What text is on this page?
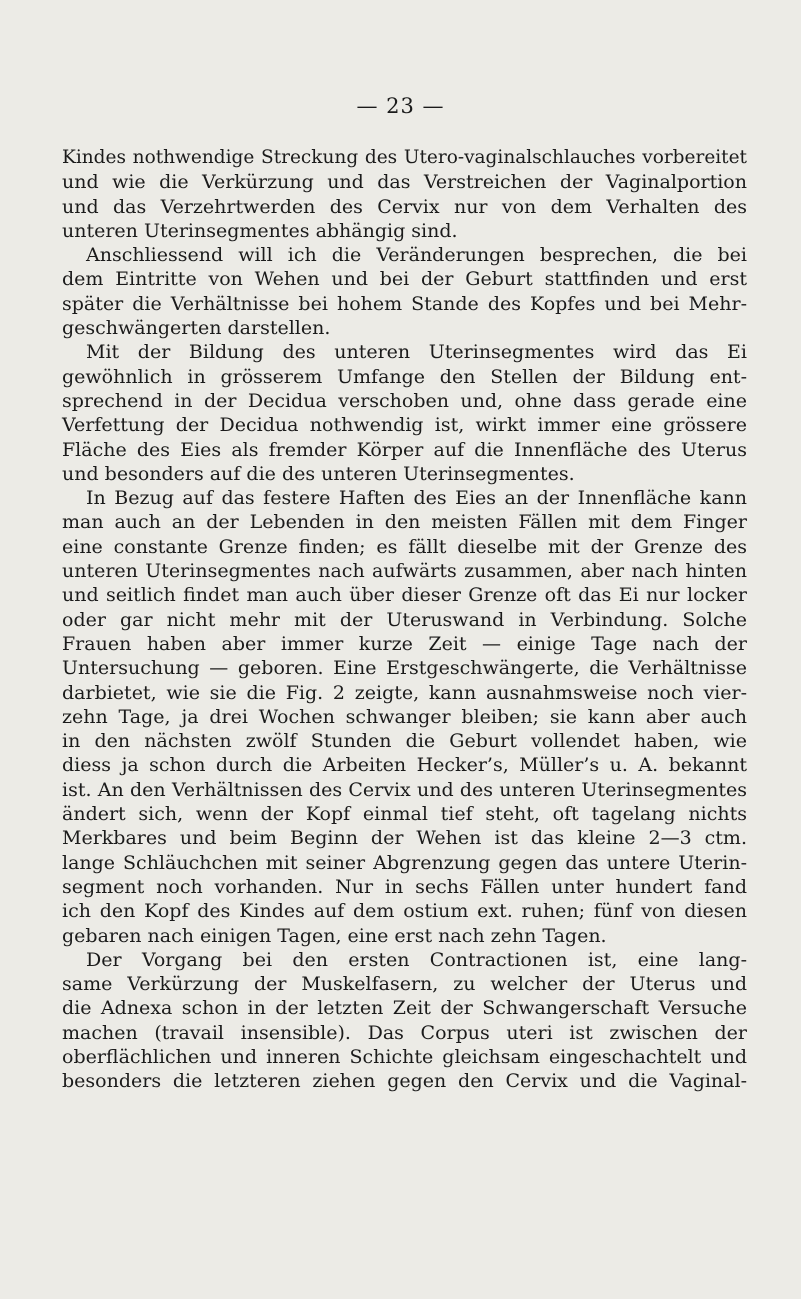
— 23 —
Kindes nothwendige Streckung des Utero-vaginalschlauches vorbereitet
und wie die Verkürzung und das Verstreichen der Vaginalportion
und das Verzehrtwerden des Cervix nur von dem Verhalten des
unteren Uterinsegmentes abhängig sind.
Anschliessend will ich die Veränderungen besprechen, die bei
dem Eintritte von Wehen und bei der Geburt stattfinden und erst
später die Verhältnisse bei hohem Stande des Kopfes und bei Mehr-
geschwängerten darstellen.
Mit der Bildung des unteren Uterinsegmentes wird das Ei
gewöhnlich in grösserem Umfange den Stellen der Bildung ent-
sprechend in der Decidua verschoben und, ohne dass gerade eine
Verfettung der Decidua nothwendig ist, wirkt immer eine grössere
Fläche des Eies als fremder Körper auf die Innenfläche des Uterus
und besonders auf die des unteren Uterinsegmentes.
In Bezug auf das festere Haften des Eies an der Innenfläche kann
man auch an der Lebenden in den meisten Fällen mit dem Finger
eine constante Grenze finden; es fällt dieselbe mit der Grenze des
unteren Uterinsegmentes nach aufwärts zusammen, aber nach hinten
und seitlich findet man auch über dieser Grenze oft das Ei nur locker
oder gar nicht mehr mit der Uteruswand in Verbindung. Solche
Frauen haben aber immer kurze Zeit — einige Tage nach der
Untersuchung — geboren. Eine Erstgeschwängerte, die Verhältnisse
darbietet, wie sie die Fig. 2 zeigte, kann ausnahmsweise noch vier-
zehn Tage, ja drei Wochen schwanger bleiben; sie kann aber auch
in den nächsten zwölf Stunden die Geburt vollendet haben, wie
diess ja schon durch die Arbeiten Hecker’s, Müller’s u. A. bekannt
ist. An den Verhältnissen des Cervix und des unteren Uterinsegmentes
ändert sich, wenn der Kopf einmal tief steht, oft tagelang nichts
Merkbares und beim Beginn der Wehen ist das kleine 2—3 ctm.
lange Schläuchchen mit seiner Abgrenzung gegen das untere Uterin-
segment noch vorhanden. Nur in sechs Fällen unter hundert fand
ich den Kopf des Kindes auf dem ostium ext. ruhen; fünf von diesen
gebaren nach einigen Tagen, eine erst nach zehn Tagen.
Der Vorgang bei den ersten Contractionen ist, eine lang-
same Verkürzung der Muskelfasern, zu welcher der Uterus und
die Adnexa schon in der letzten Zeit der Schwangerschaft Versuche
machen (travail insensible). Das Corpus uteri ist zwischen der
oberflächlichen und inneren Schichte gleichsam eingeschachtelt und
besonders die letzteren ziehen gegen den Cervix und die Vaginal-
